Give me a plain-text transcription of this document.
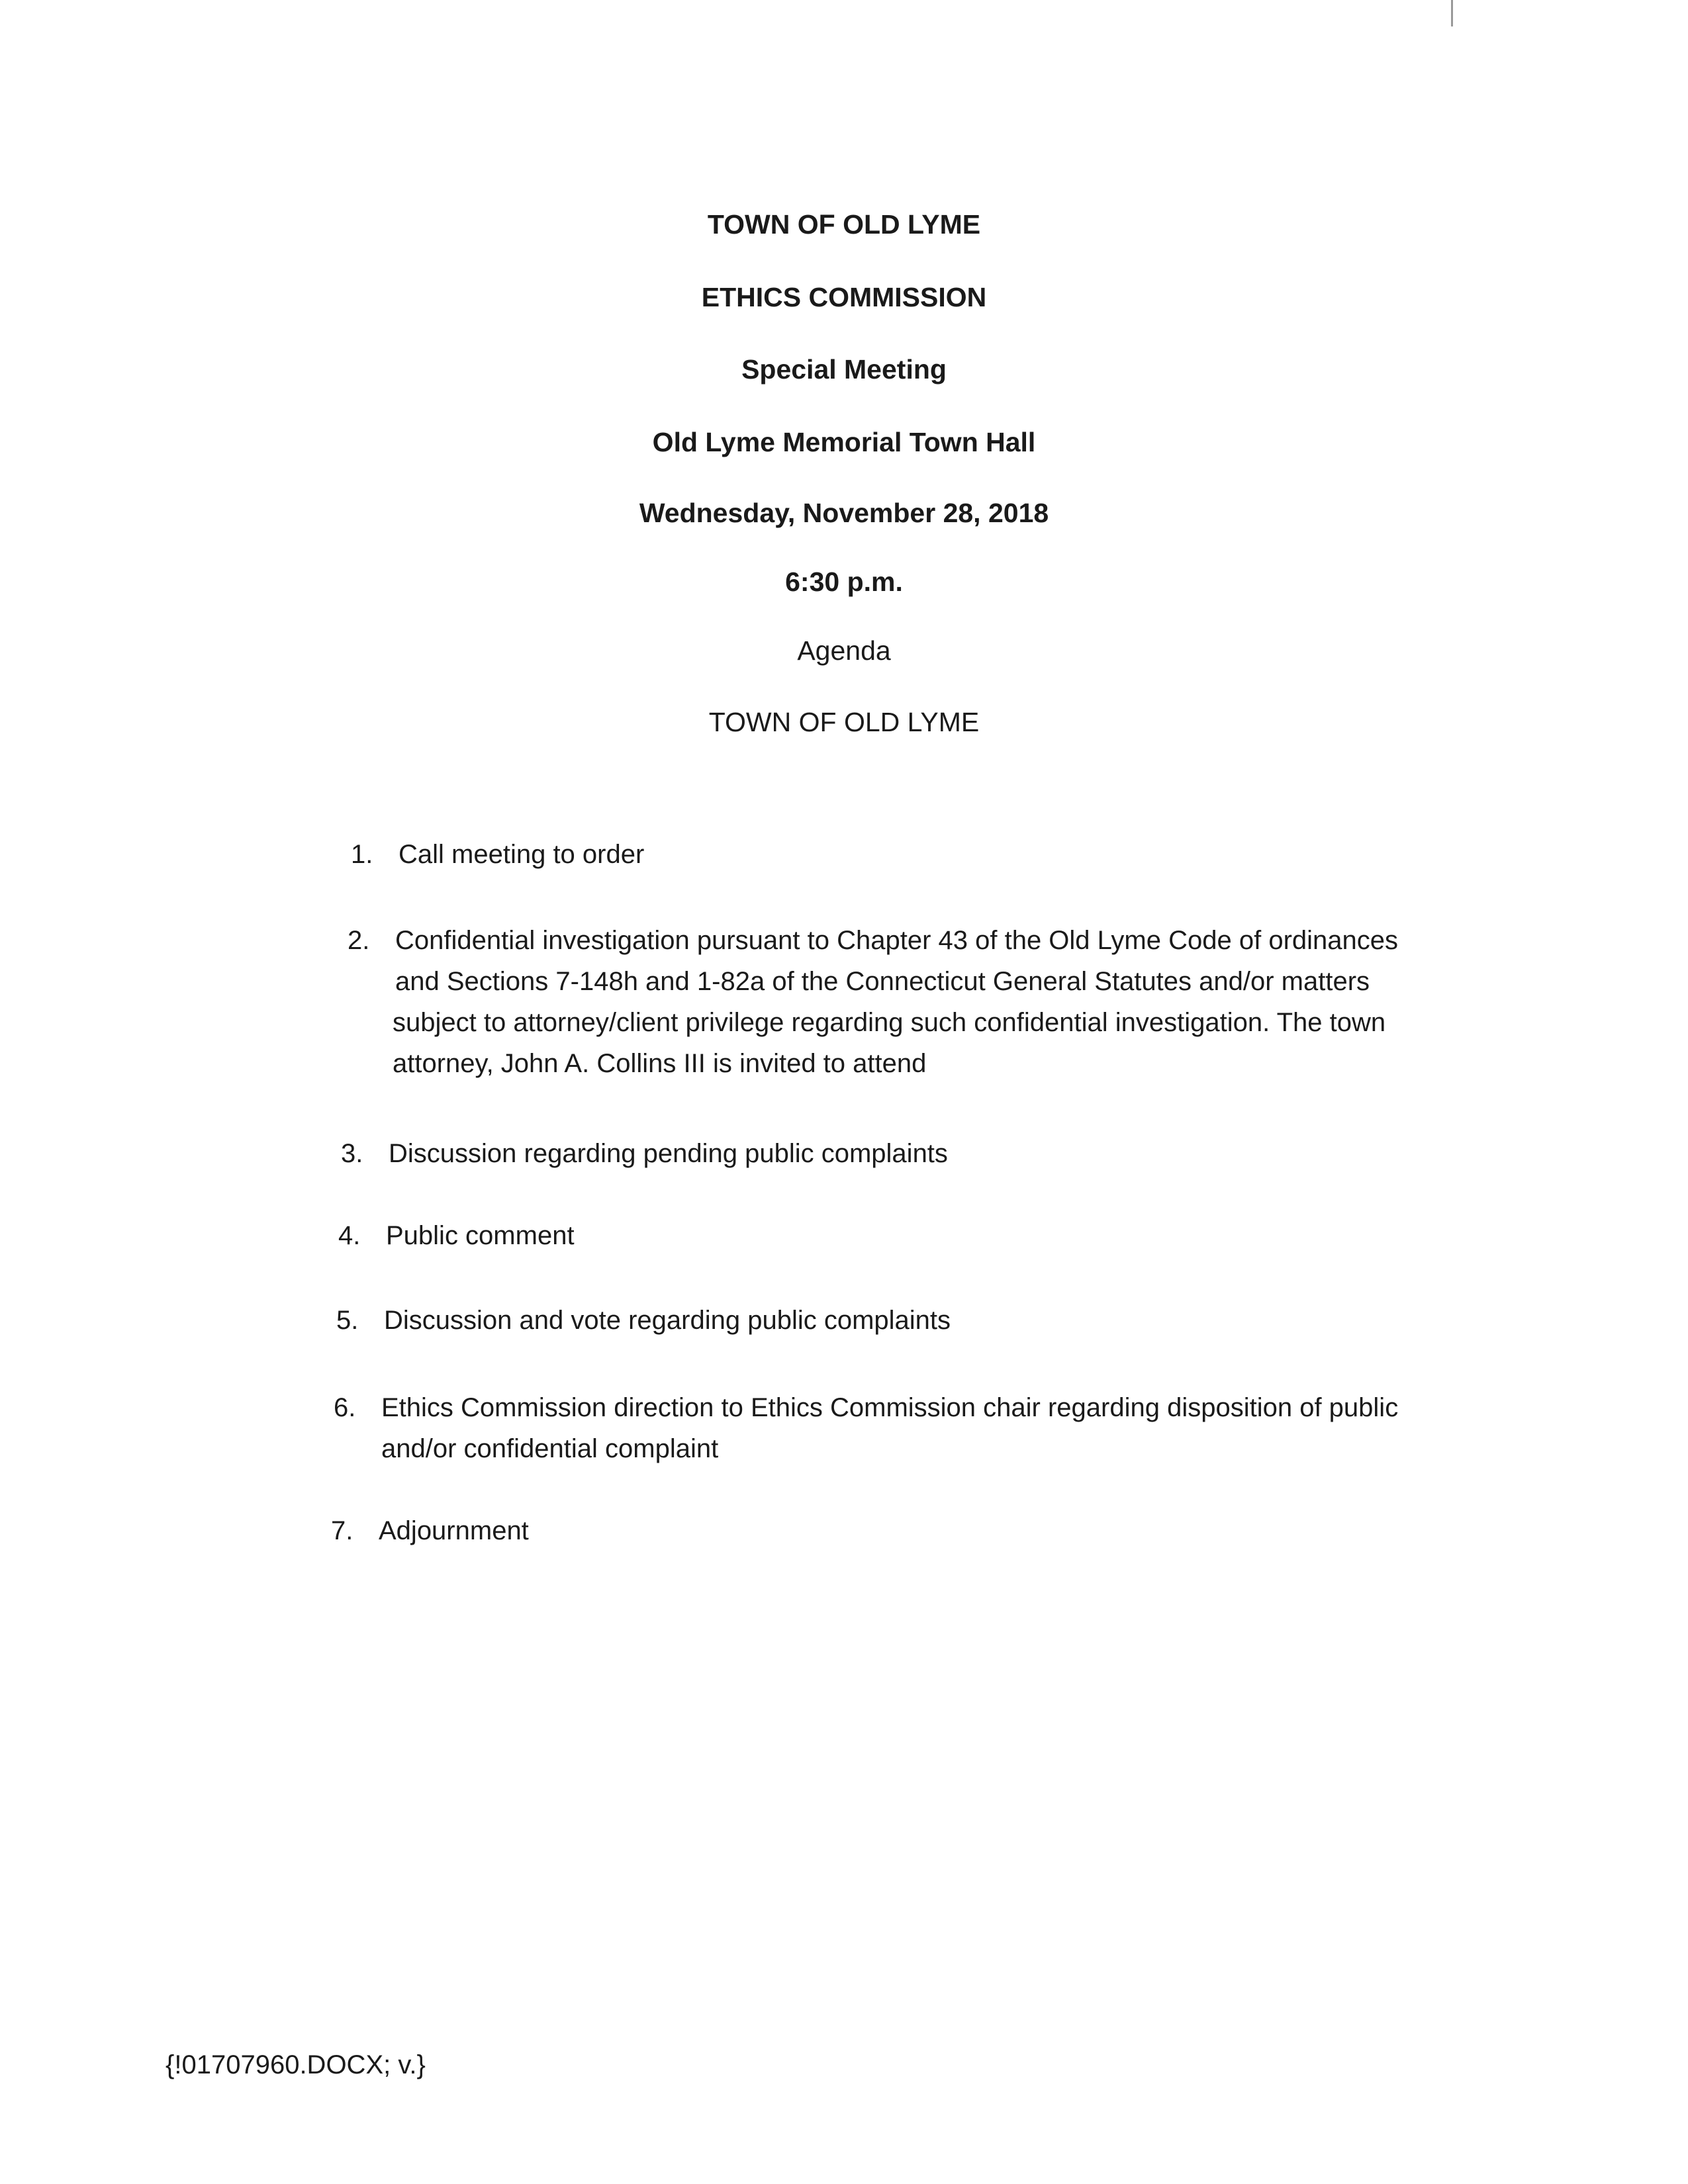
TOWN OF OLD LYME
ETHICS COMMISSION
Special Meeting
Old Lyme Memorial Town Hall
Wednesday, November 28, 2018
6:30 p.m.
Agenda
TOWN OF OLD LYME
1. Call meeting to order
2. Confidential investigation pursuant to Chapter 43 of the Old Lyme Code of ordinances
and Sections 7-148h and 1-82a of the Connecticut General Statutes and/or matters
subject to attorney/client privilege regarding such confidential investigation. The town
attorney, John A. Collins III is invited to attend
3. Discussion regarding pending public complaints
4. Public comment
5. Discussion and vote regarding public complaints
6. Ethics Commission direction to Ethics Commission chair regarding disposition of public
and/or confidential complaint
7. Adjournment
{!01707960.DOCX; v.}
